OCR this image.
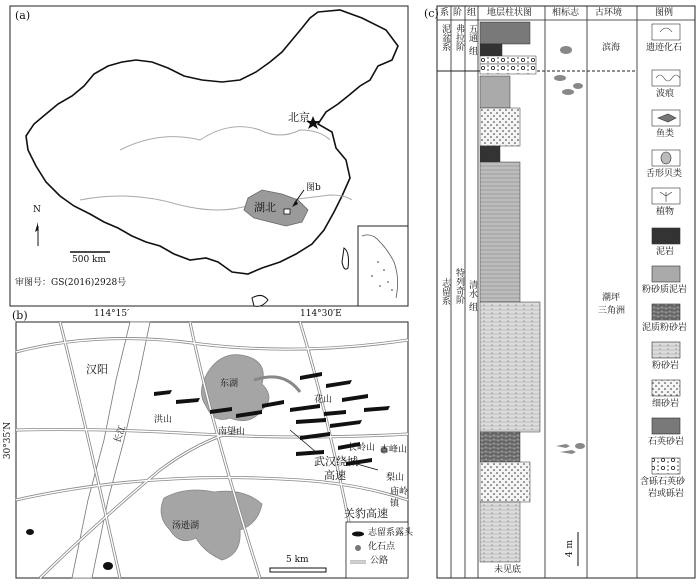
(a)
北京
湖北
图b
N
500 km
审图号：GS(2016)2928号
(b)	114°15′	114°30′E
30°35′N
汉阳
东湖
花山
洪山
南望山
长江
汤逊湖
武汉绕城
高速
长岭山 古峰山
梨山
庙岭
镇
关豹高速
5 km
志留系露头
化石点
公路
(c) 系 阶 组 地层柱状图 相标志 古环境	图例
泥盆系 弗拉阶 五通
组	滨海
志留系 特列奇阶 清水
组
潮坪
三角洲
未见底
4 m
遗迹化石
波痕
鱼类
舌形贝类
植物
泥岩
粉砂质泥岩
泥质粉砂岩
粉砂岩
细砂岩
石英砂岩
含砾石英砂
岩或砾岩
